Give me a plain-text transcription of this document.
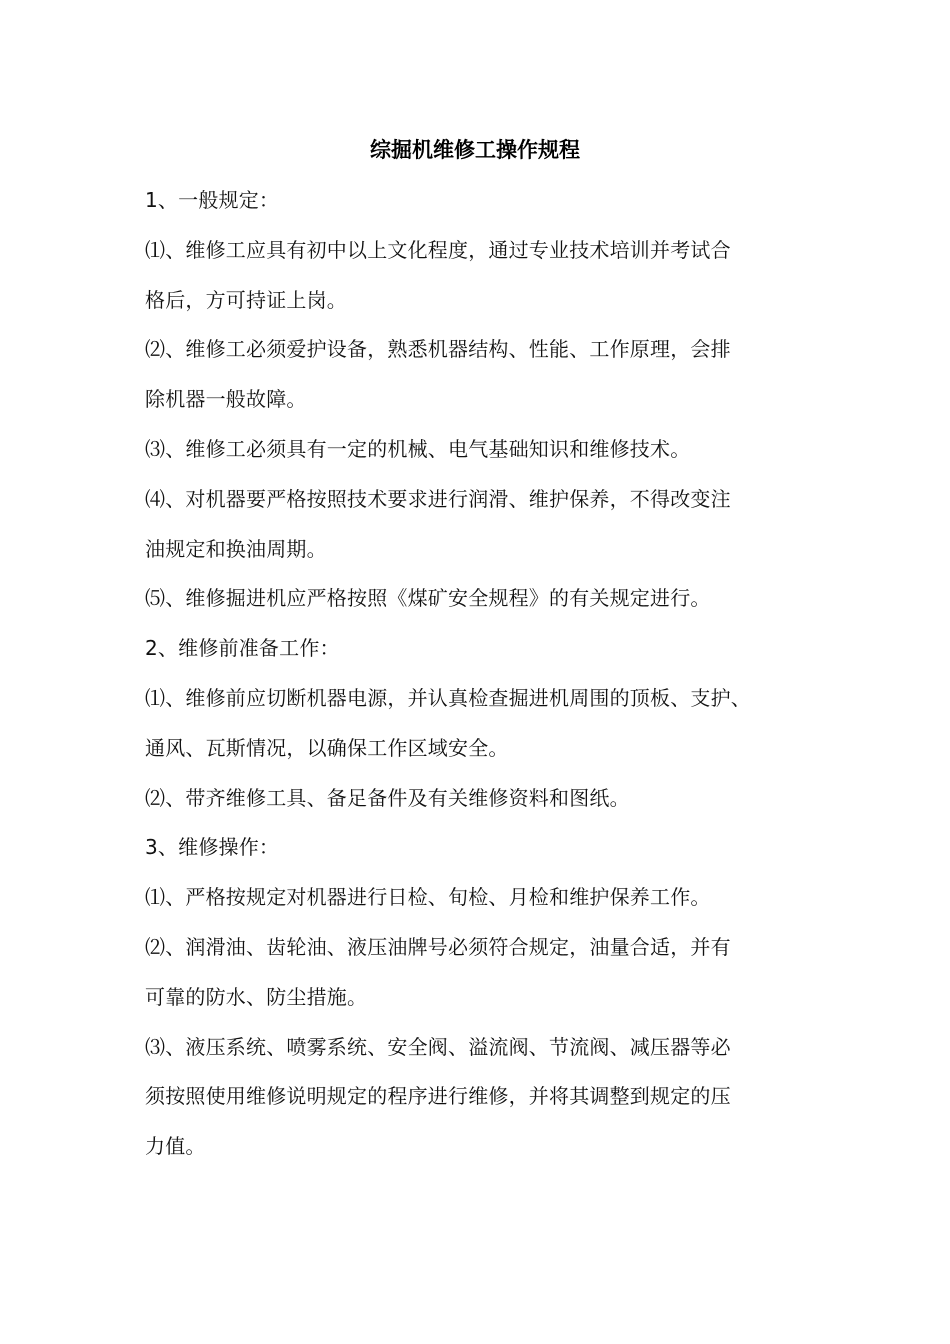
综掘机维修工操作规程
1、一般规定：
⑴、维修工应具有初中以上文化程度，通过专业技术培训并考试合
格后，方可持证上岗。
⑵、维修工必须爱护设备，熟悉机器结构、性能、工作原理，会排
除机器一般故障。
⑶、维修工必须具有一定的机械、电气基础知识和维修技术。
⑷、对机器要严格按照技术要求进行润滑、维护保养，不得改变注
油规定和换油周期。
⑸、维修掘进机应严格按照《煤矿安全规程》的有关规定进行。
2、维修前准备工作：
⑴、维修前应切断机器电源，并认真检查掘进机周围的顶板、支护、
通风、瓦斯情况，以确保工作区域安全。
⑵、带齐维修工具、备足备件及有关维修资料和图纸。
3、维修操作：
⑴、严格按规定对机器进行日检、旬检、月检和维护保养工作。
⑵、润滑油、齿轮油、液压油牌号必须符合规定，油量合适，并有
可靠的防水、防尘措施。
⑶、液压系统、喷雾系统、安全阀、溢流阀、节流阀、减压器等必
须按照使用维修说明规定的程序进行维修，并将其调整到规定的压
力值。
